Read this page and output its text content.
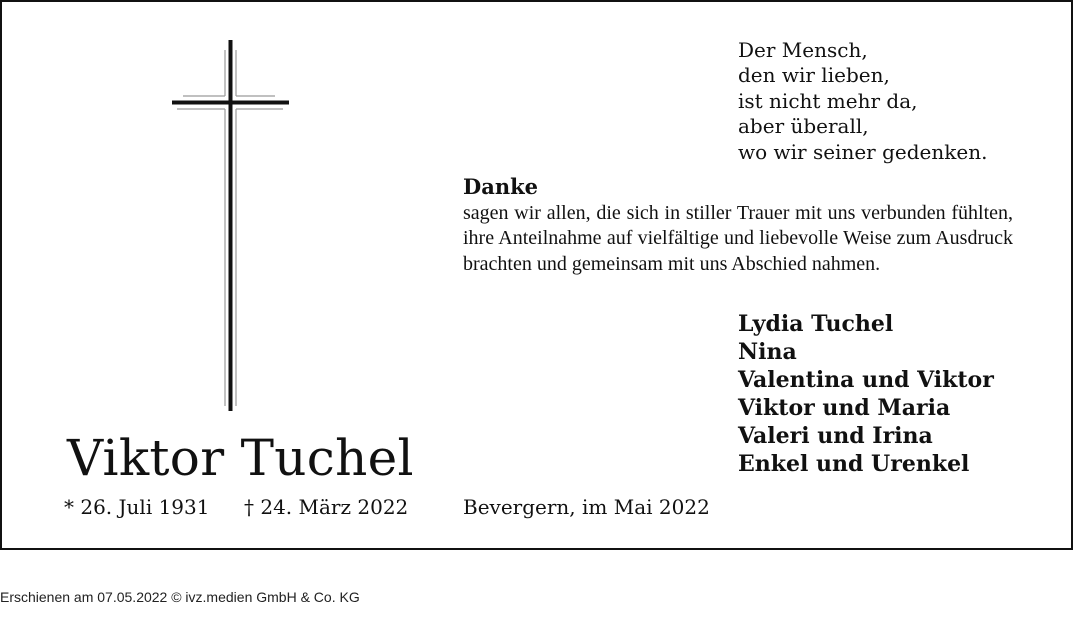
Der Mensch,
den wir lieben,
ist nicht mehr da,
aber überall,
wo wir seiner gedenken.
Danke
sagen wir allen, die sich in stiller Trauer mit uns verbunden fühlten, ihre Anteilnahme auf vielfältige und liebevolle Weise zum Ausdruck brachten und gemeinsam mit uns Abschied nahmen.
Lydia Tuchel
Nina
Valentina und Viktor
Viktor und Maria
Valeri und Irina
Enkel und Urenkel
Viktor Tuchel
* 26. Juli 1931 † 24. März 2022	Bevergern, im Mai 2022
Erschienen am 07.05.2022 © ivz.medien GmbH & Co. KG
